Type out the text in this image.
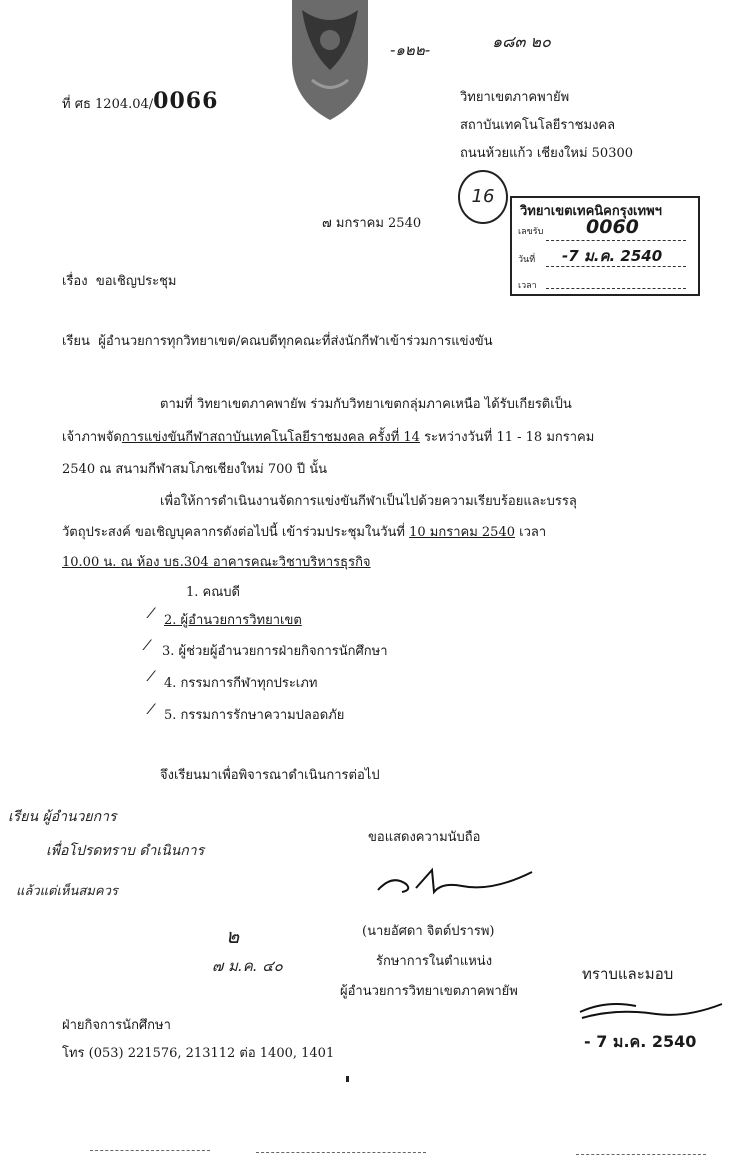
-๑๒๒-	๑๘๓ ๒๐
ที่ ศธ 1204.04/0066	วิทยาเขตภาคพายัพ
สถาบันเทคโนโลยีราชมงคล
ถนนห้วยแก้ว เชียงใหม่ 50300
๗ มกราคม 2540
16
วิทยาเขตเทคนิคกรุงเทพฯ
เลขรับ 0060
วันที่ -7 ม.ค. 2540
เวลา
เรื่อง ขอเชิญประชุม
เรียน ผู้อำนวยการทุกวิทยาเขต/คณบดีทุกคณะที่ส่งนักกีฬาเข้าร่วมการแข่งขัน
ตามที่ วิทยาเขตภาคพายัพ ร่วมกับวิทยาเขตกลุ่มภาคเหนือ ได้รับเกียรติเป็น
เจ้าภาพจัดการแข่งขันกีฬาสถาบันเทคโนโลยีราชมงคล ครั้งที่ 14 ระหว่างวันที่ 11 - 18 มกราคม
2540 ณ สนามกีฬาสมโภชเชียงใหม่ 700 ปี นั้น
เพื่อให้การดำเนินงานจัดการแข่งขันกีฬาเป็นไปด้วยความเรียบร้อยและบรรลุ
วัตถุประสงค์ ขอเชิญบุคลากรดังต่อไปนี้ เข้าร่วมประชุมในวันที่ 10 มกราคม 2540 เวลา
10.00 น. ณ ห้อง บธ.304 อาคารคณะวิชาบริหารธุรกิจ
1. คณบดี
⁄ 2. ผู้อำนวยการวิทยาเขต
⁄ 3. ผู้ช่วยผู้อำนวยการฝ่ายกิจการนักศึกษา
⁄ 4. กรรมการกีฬาทุกประเภท
⁄ 5. กรรมการรักษาความปลอดภัย
จึงเรียนมาเพื่อพิจารณาดำเนินการต่อไป
เรียน ผู้อำนวยการ
เพื่อโปรดทราบ ดำเนินการ
แล้วแต่เห็นสมควร
๒
๗ ม.ค. ๔๐
ขอแสดงความนับถือ
(นายอัศดา จิตต์ปรารพ)
รักษาการในตำแหน่ง
ผู้อำนวยการวิทยาเขตภาคพายัพ
ทราบและมอบ
- 7 ม.ค. 2540
ฝ่ายกิจการนักศึกษา
โทร (053) 221576, 213112 ต่อ 1400, 1401
